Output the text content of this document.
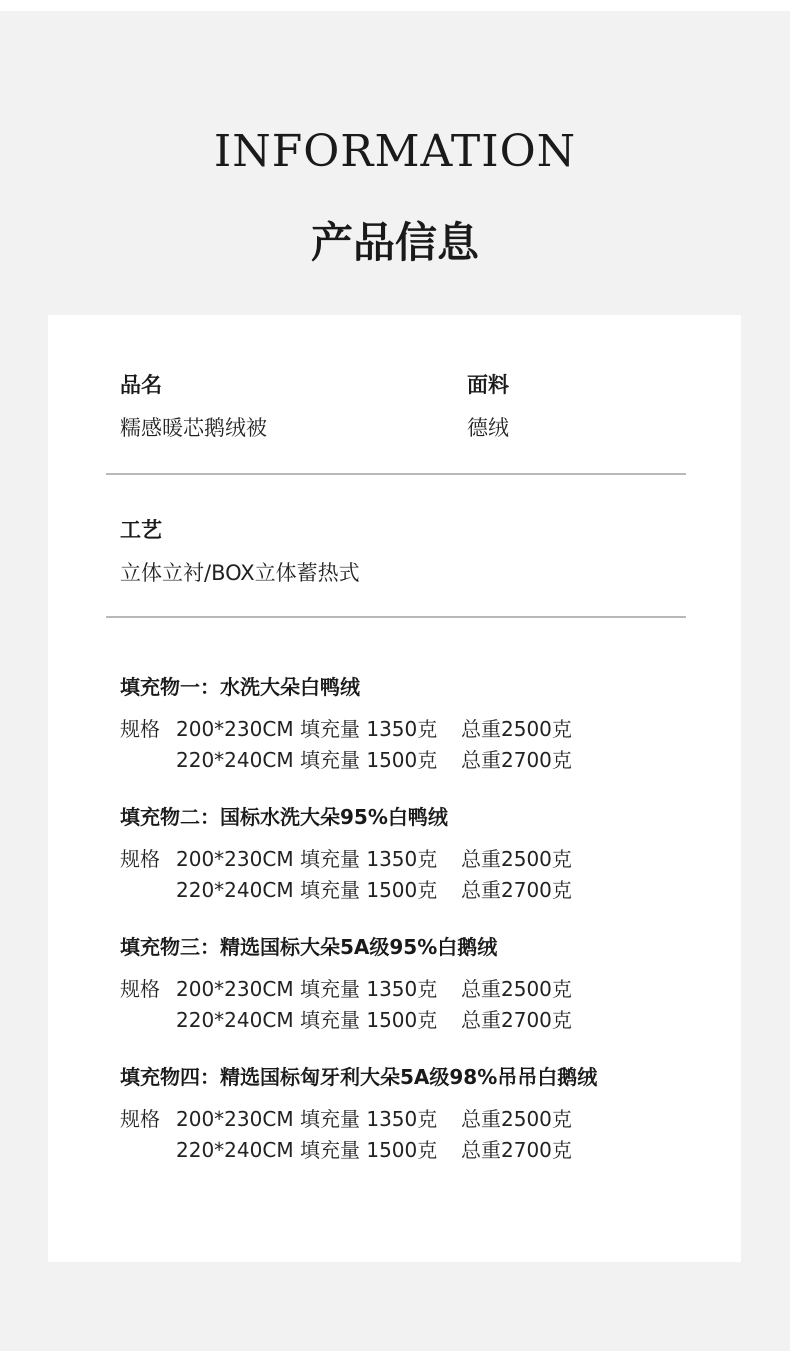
INFORMATION
产品信息
品名
糯感暖芯鹅绒被
面料
德绒
工艺
立体立衬/BOX立体蓄热式
填充物一：水洗大朵白鸭绒
规格 200*230CM 填充量 1350克 总重2500克
220*240CM 填充量 1500克 总重2700克
填充物二：国标水洗大朵95%白鸭绒
规格 200*230CM 填充量 1350克 总重2500克
220*240CM 填充量 1500克 总重2700克
填充物三：精选国标大朵5A级95%白鹅绒
规格 200*230CM 填充量 1350克 总重2500克
220*240CM 填充量 1500克 总重2700克
填充物四：精选国标匈牙利大朵5A级98%吊吊白鹅绒
规格 200*230CM 填充量 1350克 总重2500克
220*240CM 填充量 1500克 总重2700克
